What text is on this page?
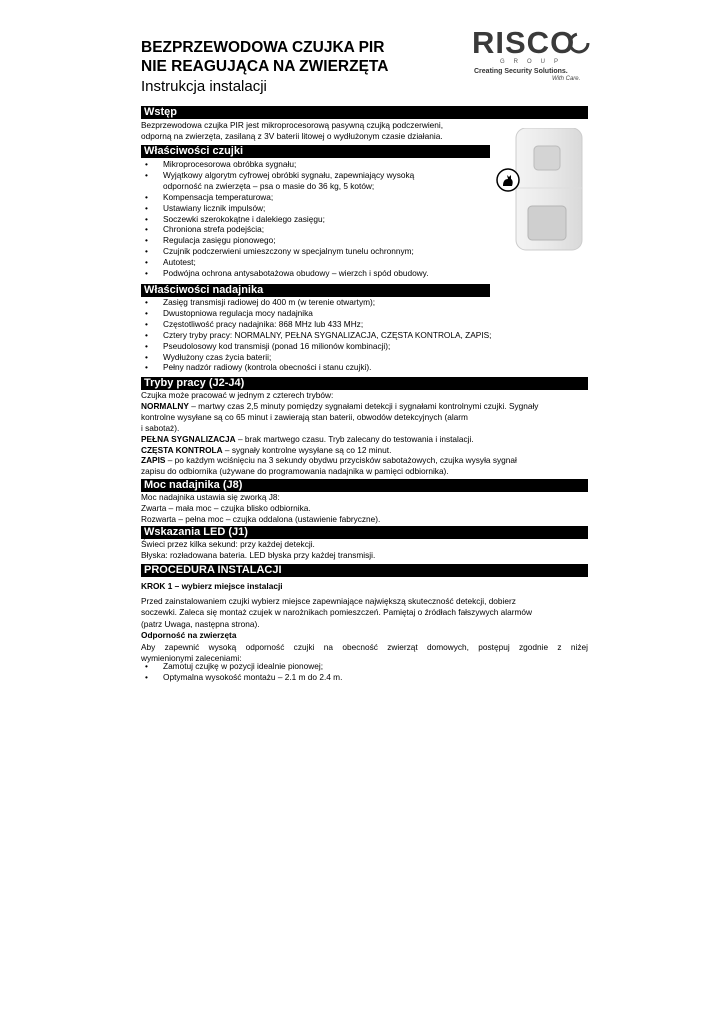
BEZPRZEWODOWA CZUJKA PIR
NIE REAGUJĄCA NA ZWIERZĘTA
Instrukcja instalacji
RISCO
GROUP
Creating Security Solutions.
With Care.
Wstęp
Bezprzewodowa czujka PIR jest mikroprocesorową pasywną czujką podczerwieni,
odporną na zwierzęta, zasilaną z 3V baterii litowej o wydłużonym czasie działania.
Właściwości czujki
• Mikroprocesorowa obróbka sygnału;
• Wyjątkowy algorytm cyfrowej obróbki sygnału, zapewniający wysoką
odporność na zwierzęta – psa o masie do 36 kg, 5 kotów;
• Kompensacja temperaturowa;
• Ustawiany licznik impulsów;
• Soczewki szerokokątne i dalekiego zasięgu;
• Chroniona strefa podejścia;
• Regulacja zasięgu pionowego;
• Czujnik podczerwieni umieszczony w specjalnym tunelu ochronnym;
• Autotest;
• Podwójna ochrona antysabotażowa obudowy – wierzch i spód obudowy.
Właściwości nadajnika
• Zasięg transmisji radiowej do 400 m (w terenie otwartym);
• Dwustopniowa regulacja mocy nadajnika
• Częstotliwość pracy nadajnika: 868 MHz lub 433 MHz;
• Cztery tryby pracy: NORMALNY, PEŁNA SYGNALIZACJA, CZĘSTA KONTROLA, ZAPIS;
• Pseudolosowy kod transmisji (ponad 16 milionów kombinacji);
• Wydłużony czas życia baterii;
• Pełny nadzór radiowy (kontrola obecności i stanu czujki).
Tryby pracy (J2-J4)
Czujka może pracować w jednym z czterech trybów:
NORMALNY – martwy czas 2,5 minuty pomiędzy sygnałami detekcji i sygnałami kontrolnymi czujki. Sygnały
kontrolne wysyłane są co 65 minut i zawierają stan baterii, obwodów detekcyjnych (alarm
i sabotaż).
PEŁNA SYGNALIZACJA – brak martwego czasu. Tryb zalecany do testowania i instalacji.
CZĘSTA KONTROLA – sygnały kontrolne wysyłane są co 12 minut.
ZAPIS – po każdym wciśnięciu na 3 sekundy obydwu przycisków sabotażowych, czujka wysyła sygnał
zapisu do odbiornika (używane do programowania nadajnika w pamięci odbiornika).
Moc nadajnika (J8)
Moc nadajnika ustawia się zworką J8:
Zwarta – mała moc – czujka blisko odbiornika.
Rozwarta – pełna moc – czujka oddalona (ustawienie fabryczne).
Wskazania LED (J1)
Świeci przez kilka sekund: przy każdej detekcji.
Błyska: rozładowana bateria. LED błyska przy każdej transmisji.
PROCEDURA INSTALACJI
KROK 1 – wybierz miejsce instalacji
Przed zainstalowaniem czujki wybierz miejsce zapewniające największą skuteczność detekcji, dobierz
soczewki. Zaleca się montaż czujek w narożnikach pomieszczeń. Pamiętaj o źródłach fałszywych alarmów
(patrz Uwaga, następna strona).
Odporność na zwierzęta
Aby zapewnić wysoką odporność czujki na obecność zwierząt domowych, postępuj zgodnie z niżej
wymienionymi zaleceniami:
• Zamotuj czujkę w pozycji idealnie pionowej;
• Optymalna wysokość montażu – 2.1 m do 2.4 m.
